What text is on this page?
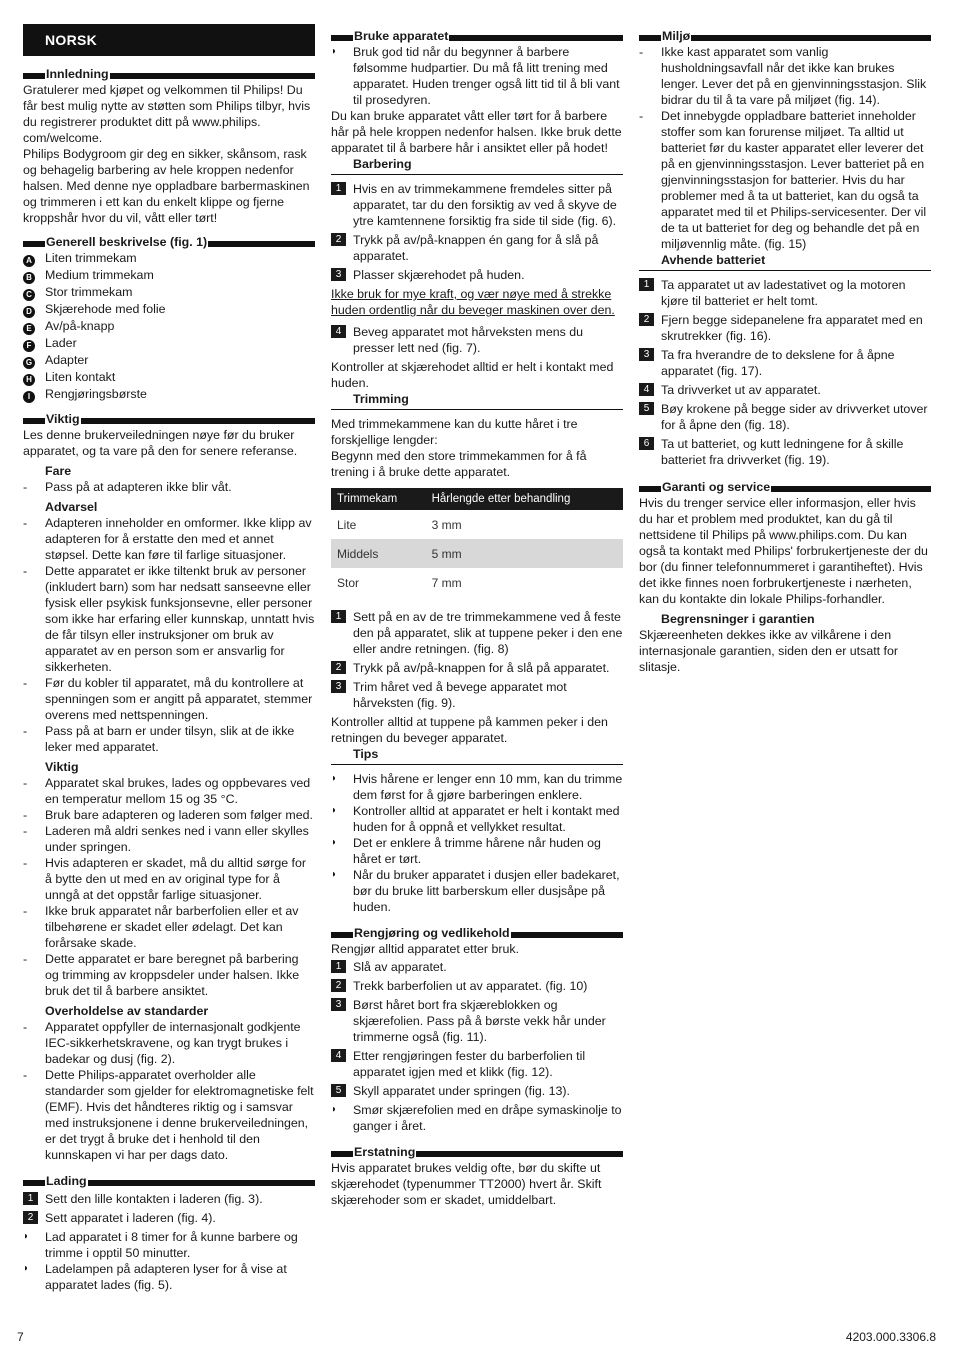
NORSK
Innledning

Gratulerer med kjøpet og velkommen til Philips! Du får best mulig nytte av støtten som Philips tilbyr, hvis du registrerer produktet ditt på www.philips. com/welcome.

Philips Bodygroom gir deg en sikker, skånsom, rask og behagelig barbering av hele kroppen nedenfor halsen. Med denne nye oppladbare barbermaskinen og trimmeren i ett kan du enkelt klippe og fjerne kroppshår hvor du vil, vått eller tørt!

Generell beskrivelse (fig. 1)
A	Liten trimmekam
B	Medium trimmekam
C	Stor trimmekam
D	Skjærehode med folie
E	Av/på-knapp
F	Lader
G	Adapter
H	Liten kontakt
I	Rengjøringsbørste
Viktig

Les denne brukerveiledningen nøye før du bruker apparatet, og ta vare på den for senere referanse.

Fare
-	Pass på at adapteren ikke blir våt.
Advarsel
-	Adapteren inneholder en omformer. Ikke klipp av adapteren for å erstatte den med et annet støpsel. Dette kan føre til farlige situasjoner.
-	Dette apparatet er ikke tiltenkt bruk av personer (inkludert barn) som har nedsatt sanseevne eller fysisk eller psykisk funksjonsevne, eller personer som ikke har erfaring eller kunnskap, unntatt hvis de får tilsyn eller instruksjoner om bruk av apparatet av en person som er ansvarlig for sikkerheten.
-	Før du kobler til apparatet, må du kontrollere at spenningen som er angitt på apparatet, stemmer overens med nettspenningen.
-	Pass på at barn er under tilsyn, slik at de ikke leker med apparatet.
Viktig
-	Apparatet skal brukes, lades og oppbevares ved en temperatur mellom 15 og 35 °C.
-	Bruk bare adapteren og laderen som følger med.
-	Laderen må aldri senkes ned i vann eller skylles under springen.
-	Hvis adapteren er skadet, må du alltid sørge for å bytte den ut med en av original type for å unngå at det oppstår farlige situasjoner.
-	Ikke bruk apparatet når barberfolien eller et av tilbehørene er skadet eller ødelagt. Det kan forårsake skade.
-	Dette apparatet er bare beregnet på barbering og trimming av kroppsdeler under halsen. Ikke bruk det til å barbere ansiktet.
Overholdelse av standarder
-	Apparatet oppfyller de internasjonalt godkjente IEC-sikkerhetskravene, og kan trygt brukes i badekar og dusj (fig. 2).
-	Dette Philips-apparatet overholder alle standarder som gjelder for elektromagnetiske felt (EMF). Hvis det håndteres riktig og i samsvar med instruksjonene i denne brukerveiledningen, er det trygt å bruke det i henhold til den kunnskapen vi har per dags dato.
Lading
1 Sett den lille kontakten i laderen (fig. 3).
2 Sett apparatet i laderen (fig. 4).
◗	Lad apparatet i 8 timer for å kunne barbere og trimme i opptil 50 minutter.
◗	Ladelampen på adapteren lyser for å vise at apparatet lades (fig. 5).
Bruke apparatet
◗	Bruk god tid når du begynner å barbere følsomme hudpartier. Du må få litt trening med apparatet. Huden trenger også litt tid til å bli vant til prosedyren.

Du kan bruke apparatet vått eller tørt for å barbere hår på hele kroppen nedenfor halsen. Ikke bruk dette apparatet til å barbere hår i ansiktet eller på hodet!

Barbering
1 Hvis en av trimmekammene fremdeles sitter på apparatet, tar du den forsiktig av ved å skyve de ytre kamtennene forsiktig fra side til side (fig. 6).
2 Trykk på av/på-knappen én gang for å slå på apparatet.
3 Plasser skjærehodet på huden.

Ikke bruk for mye kraft, og vær nøye med å strekke huden ordentlig når du beveger maskinen over den.

4 Beveg apparatet mot hårveksten mens du presser lett ned (fig. 7).

Kontroller at skjærehodet alltid er helt i kontakt med huden.

Trimming

Med trimmekammene kan du kutte håret i tre forskjellige lengder:

Begynn med den store trimmekammen for å få trening i å bruke dette apparatet.

Trimmekam	Hårlengde etter behandling
Lite	3 mm
Middels	5 mm
Stor	7 mm
1 Sett på en av de tre trimmekammene ved å feste den på apparatet, slik at tuppene peker i den ene eller andre retningen. (fig. 8)
2 Trykk på av/på-knappen for å slå på apparatet.
3 Trim håret ved å bevege apparatet mot hårveksten (fig. 9).

Kontroller alltid at tuppene på kammen peker i den retningen du beveger apparatet.

Tips
◗	Hvis hårene er lenger enn 10 mm, kan du trimme dem først for å gjøre barberingen enklere.
◗	Kontroller alltid at apparatet er helt i kontakt med huden for å oppnå et vellykket resultat.
◗	Det er enklere å trimme hårene når huden og håret er tørt.
◗	Når du bruker apparatet i dusjen eller badekaret, bør du bruke litt barberskum eller dusjsåpe på huden.
Rengjøring og vedlikehold

Rengjør alltid apparatet etter bruk.

1 Slå av apparatet.
2 Trekk barberfolien ut av apparatet. (fig. 10)
3 Børst håret bort fra skjæreblokken og skjærefolien. Pass på å børste vekk hår under trimmerne også (fig. 11).
4 Etter rengjøringen fester du barberfolien til apparatet igjen med et klikk (fig. 12).
5 Skyll apparatet under springen (fig. 13).
◗	Smør skjærefolien med en dråpe symaskinolje to ganger i året.
Erstatning

Hvis apparatet brukes veldig ofte, bør du skifte ut skjærehodet (typenummer TT2000) hvert år. Skift skjærehoder som er skadet, umiddelbart.

Miljø
-	Ikke kast apparatet som vanlig husholdningsavfall når det ikke kan brukes lenger. Lever det på en gjenvinningsstasjon. Slik bidrar du til å ta vare på miljøet (fig. 14).
-	Det innebygde oppladbare batteriet inneholder stoffer som kan forurense miljøet. Ta alltid ut batteriet før du kaster apparatet eller leverer det på en gjenvinningsstasjon. Lever batteriet på en gjenvinningsstasjon for batterier. Hvis du har problemer med å ta ut batteriet, kan du også ta apparatet med til et Philips-servicesenter. Der vil de ta ut batteriet for deg og behandle det på en miljøvennlig måte. (fig. 15)
Avhende batteriet
1 Ta apparatet ut av ladestativet og la motoren kjøre til batteriet er helt tomt.
2 Fjern begge sidepanelene fra apparatet med en skrutrekker (fig. 16).
3 Ta fra hverandre de to dekslene for å åpne apparatet (fig. 17).
4 Ta drivverket ut av apparatet.
5 Bøy krokene på begge sider av drivverket utover for å åpne den (fig. 18).
6 Ta ut batteriet, og kutt ledningene for å skille batteriet fra drivverket (fig. 19).
Garanti og service

Hvis du trenger service eller informasjon, eller hvis du har et problem med produktet, kan du gå til nettsidene til Philips på www.philips.com. Du kan også ta kontakt med Philips' forbrukertjeneste der du bor (du finner telefonnummeret i garantiheftet). Hvis det ikke finnes noen forbrukertjeneste i nærheten, kan du kontakte din lokale Philips-forhandler.

Begrensninger i garantien

Skjæreenheten dekkes ikke av vilkårene i den internasjonale garantien, siden den er utsatt for slitasje.

7	4203.000.3306.8
